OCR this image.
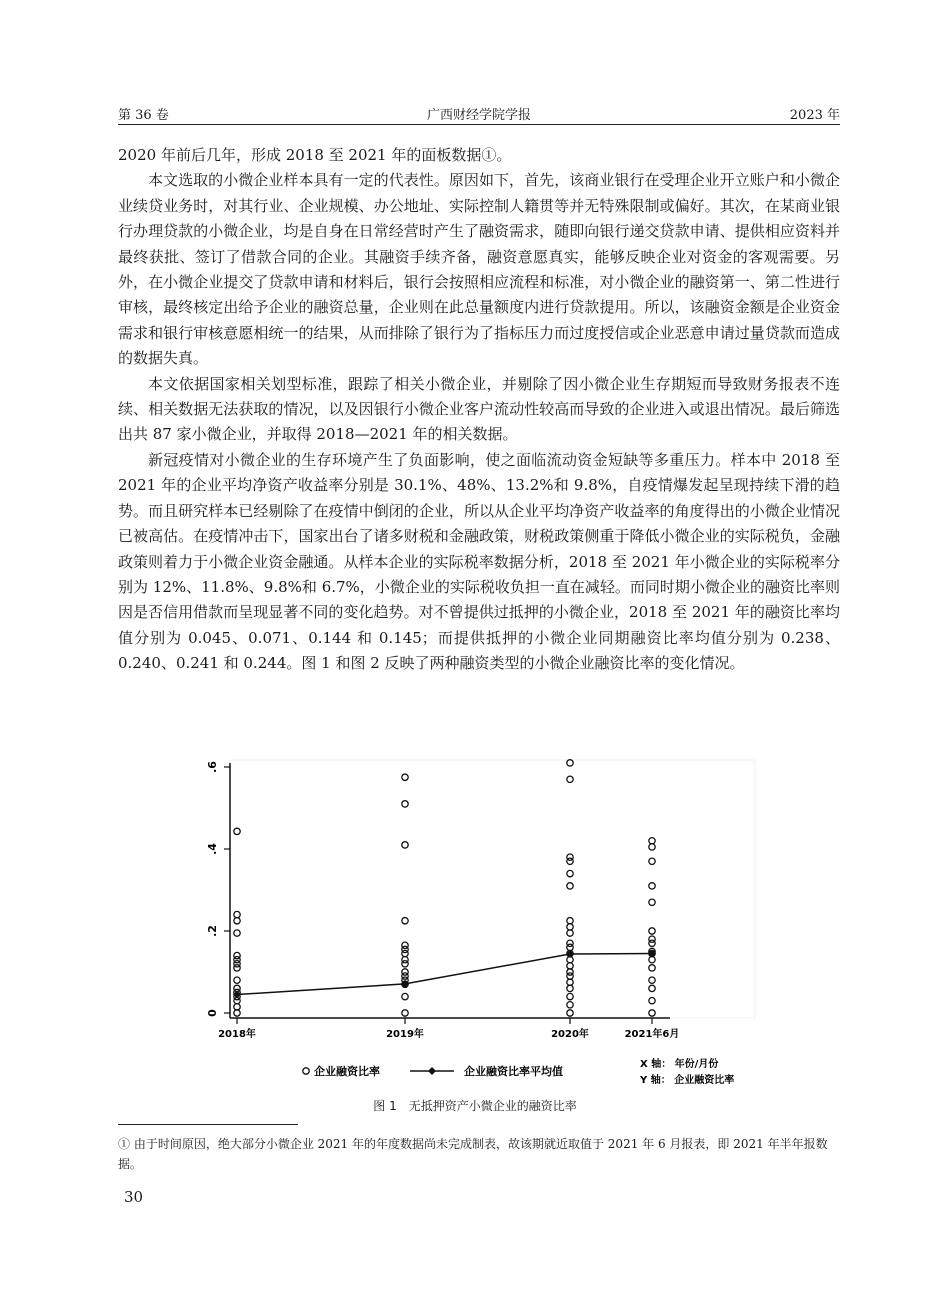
第 36 卷	广西财经学院学报	2023 年

2020 年前后几年，形成 2018 至 2021 年的面板数据①。

本文选取的小微企业样本具有一定的代表性。原因如下，首先，该商业银行在受理企业开立账户和小微企业续贷业务时，对其行业、企业规模、办公地址、实际控制人籍贯等并无特殊限制或偏好。其次，在某商业银行办理贷款的小微企业，均是自身在日常经营时产生了融资需求，随即向银行递交贷款申请、提供相应资料并最终获批、签订了借款合同的企业。其融资手续齐备，融资意愿真实，能够反映企业对资金的客观需要。另外，在小微企业提交了贷款申请和材料后，银行会按照相应流程和标准，对小微企业的融资第一、第二性进行审核，最终核定出给予企业的融资总量，企业则在此总量额度内进行贷款提用。所以，该融资金额是企业资金需求和银行审核意愿相统一的结果，从而排除了银行为了指标压力而过度授信或企业恶意申请过量贷款而造成的数据失真。

本文依据国家相关划型标准，跟踪了相关小微企业，并剔除了因小微企业生存期短而导致财务报表不连续、相关数据无法获取的情况，以及因银行小微企业客户流动性较高而导致的企业进入或退出情况。最后筛选出共 87 家小微企业，并取得 2018—2021 年的相关数据。

新冠疫情对小微企业的生存环境产生了负面影响，使之面临流动资金短缺等多重压力。样本中 2018 至 2021 年的企业平均净资产收益率分别是 30.1%、48%、13.2%和 9.8%，自疫情爆发起呈现持续下滑的趋势。而且研究样本已经剔除了在疫情中倒闭的企业，所以从企业平均净资产收益率的角度得出的小微企业情况已被高估。在疫情冲击下，国家出台了诸多财税和金融政策，财税政策侧重于降低小微企业的实际税负，金融政策则着力于小微企业资金融通。从样本企业的实际税率数据分析，2018 至 2021 年小微企业的实际税率分别为 12%、11.8%、9.8%和 6.7%，小微企业的实际税收负担一直在减轻。而同时期小微企业的融资比率则因是否信用借款而呈现显著不同的变化趋势。对不曾提供过抵押的小微企业，2018 至 2021 年的融资比率均值分别为 0.045、0.071、0.144 和 0.145；而提供抵押的小微企业同期融资比率均值分别为 0.238、0.240、0.241 和 0.244。图 1 和图 2 反映了两种融资类型的小微企业融资比率的变化情况。

0
.2
.4
.6
2018年	2019年	2020年	2021年6月
企业融资比率	企业融资比率平均值
X 轴： 年份/月份
Y 轴： 企业融资比率
图 1　无抵押资产小微企业的融资比率
① 由于时间原因，绝大部分小微企业 2021 年的年度数据尚未完成制表，故该期就近取值于 2021 年 6 月报表，即 2021 年半年报数据。
30
